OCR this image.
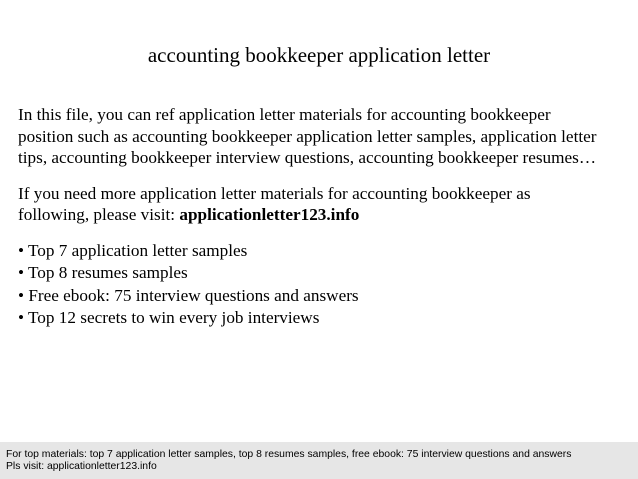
accounting bookkeeper application letter

In this file, you can ref application letter materials for accounting bookkeeper
position such as accounting bookkeeper application letter samples, application letter
tips, accounting bookkeeper interview questions, accounting bookkeeper resumes…

If you need more application letter materials for accounting bookkeeper as
following, please visit: applicationletter123.info

• Top 7 application letter samples
• Top 8 resumes samples
• Free ebook: 75 interview questions and answers
• Top 12 secrets to win every job interviews
For top materials: top 7 application letter samples, top 8 resumes samples, free ebook: 75 interview questions and answers
Pls visit: applicationletter123.info
